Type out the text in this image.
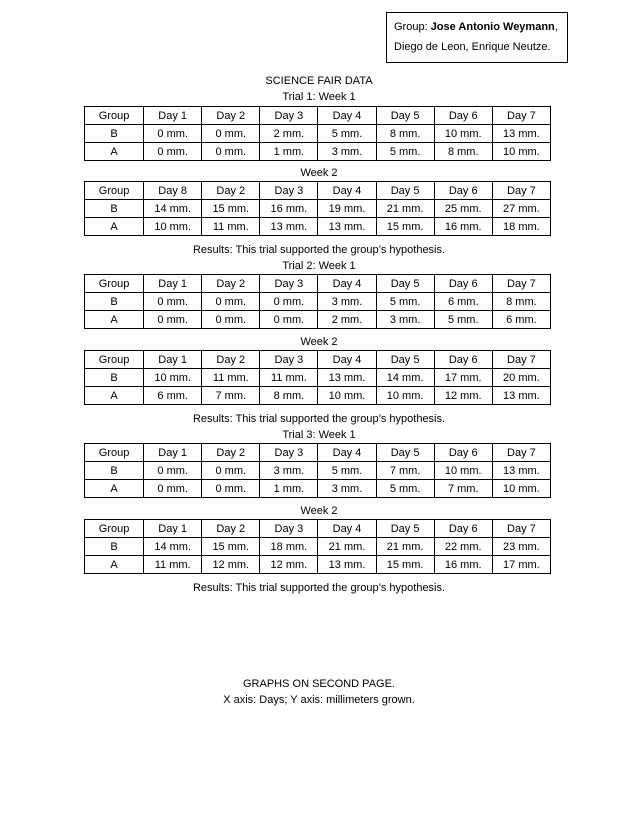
Group: Jose Antonio Weymann,
Diego de Leon, Enrique Neutze.
SCIENCE FAIR DATA
Trial 1: Week 1
Group	Day 1	Day 2	Day 3	Day 4	Day 5	Day 6	Day 7
B	0 mm.	0 mm.	2 mm.	5 mm.	8 mm.	10 mm.	13 mm.
A	0 mm.	0 mm.	1 mm.	3 mm.	5 mm.	8 mm.	10 mm.
Week 2
Group	Day 8	Day 2	Day 3	Day 4	Day 5	Day 6	Day 7
B	14 mm.	15 mm.	16 mm.	19 mm.	21 mm.	25 mm.	27 mm.
A	10 mm.	11 mm.	13 mm.	13 mm.	15 mm.	16 mm.	18 mm.
Results: This trial supported the group’s hypothesis.
Trial 2: Week 1
Group	Day 1	Day 2	Day 3	Day 4	Day 5	Day 6	Day 7
B	0 mm.	0 mm.	0 mm.	3 mm.	5 mm.	6 mm.	8 mm.
A	0 mm.	0 mm.	0 mm.	2 mm.	3 mm.	5 mm.	6 mm.
Week 2
Group	Day 1	Day 2	Day 3	Day 4	Day 5	Day 6	Day 7
B	10 mm.	11 mm.	11 mm.	13 mm.	14 mm.	17 mm.	20 mm.
A	6 mm.	7 mm.	8 mm.	10 mm.	10 mm.	12 mm.	13 mm.
Results: This trial supported the group’s hypothesis.
Trial 3: Week 1
Group	Day 1	Day 2	Day 3	Day 4	Day 5	Day 6	Day 7
B	0 mm.	0 mm.	3 mm.	5 mm.	7 mm.	10 mm.	13 mm.
A	0 mm.	0 mm.	1 mm.	3 mm.	5 mm.	7 mm.	10 mm.
Week 2
Group	Day 1	Day 2	Day 3	Day 4	Day 5	Day 6	Day 7
B	14 mm.	15 mm.	18 mm.	21 mm.	21 mm.	22 mm.	23 mm.
A	11 mm.	12 mm.	12 mm.	13 mm.	15 mm.	16 mm.	17 mm.
Results: This trial supported the group’s hypothesis.
GRAPHS ON SECOND PAGE.
X axis: Days; Y axis: millimeters grown.
